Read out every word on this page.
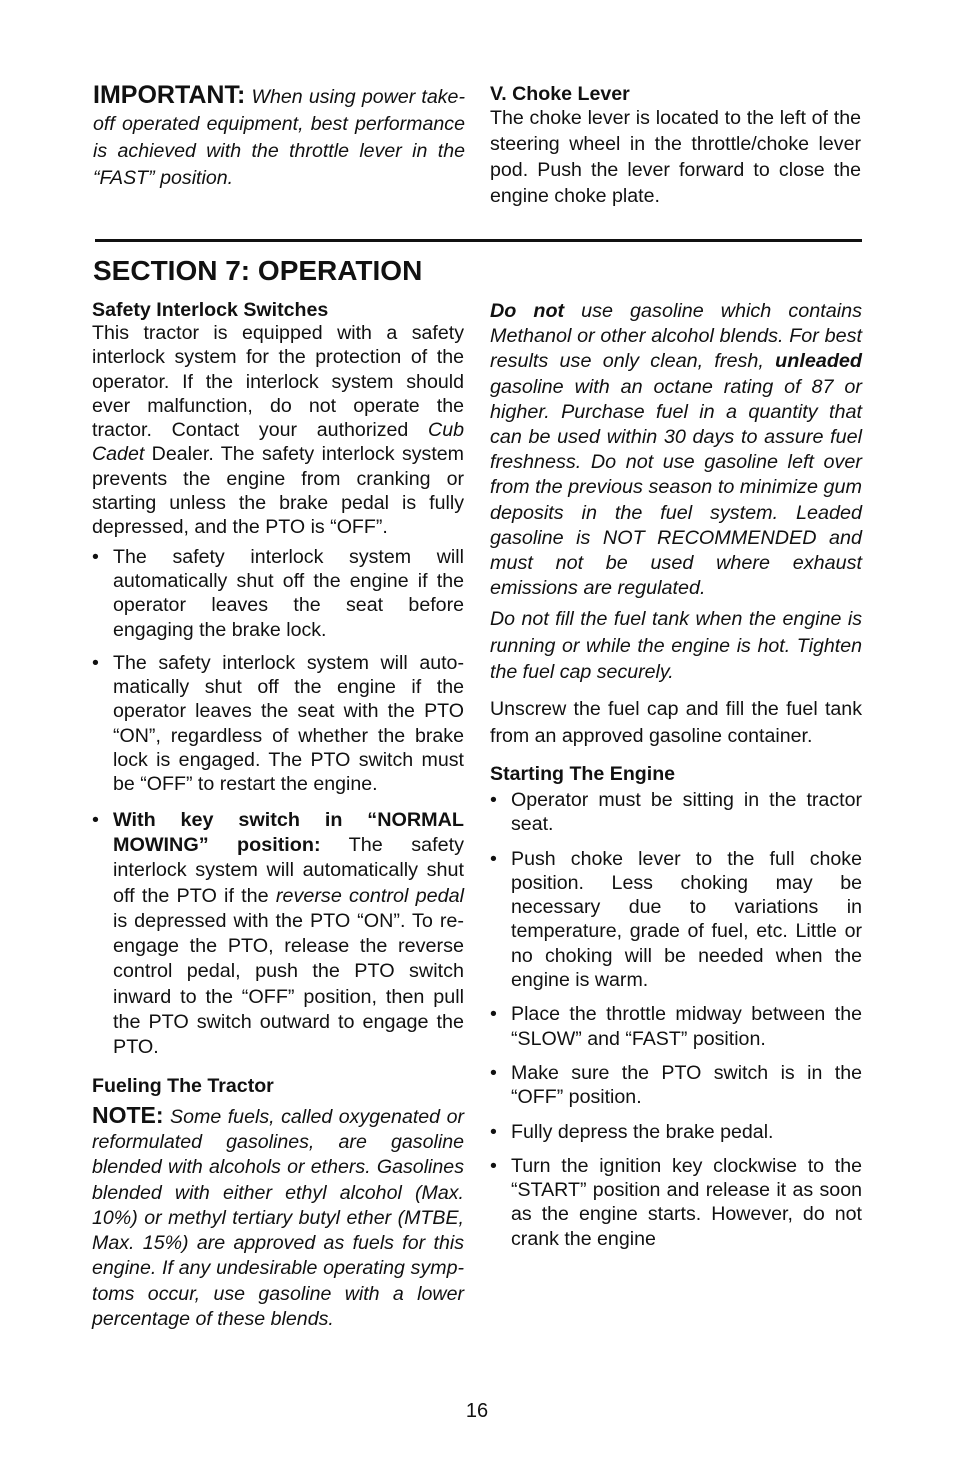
IMPORTANT: When using power take-off operated equipment, best performance is achieved with the throttle lever in the “FAST” position.

V. Choke Lever

The choke lever is located to the left of the steering wheel in the throttle/choke lever pod. Push the lever forward to close the engine choke plate.

SECTION 7: OPERATION

Safety Interlock Switches

This tractor is equipped with a safety interlock system for the protection of the operator. If the interlock system should ever malfunction, do not operate the tractor. Contact your authorized Cub Cadet Dealer. The safety interlock system prevents the engine from cranking or starting unless the brake pedal is fully depressed, and the PTO is “OFF”.

• The safety interlock system will automatically shut off the engine if the operator leaves the seat before engaging the brake lock.
• The safety interlock system will automatically shut off the engine if the operator leaves the seat with the PTO “ON”, regardless of whether the brake lock is engaged. The PTO switch must be “OFF” to restart the engine.
• With key switch in “NORMAL MOWING” position: The safety interlock system will automatically shut off the PTO if the reverse control pedal is depressed with the PTO “ON”. To re-engage the PTO, release the reverse control pedal, push the PTO switch inward to the “OFF” position, then pull the PTO switch outward to engage the PTO.

Fueling The Tractor

NOTE: Some fuels, called oxygenated or reformulated gasolines, are gasoline blended with alcohols or ethers. Gasolines blended with either ethyl alcohol (Max. 10%) or methyl tertiary butyl ether (MTBE, Max. 15%) are approved as fuels for this engine. If any undesirable operating symptoms occur, use gasoline with a lower percentage of these blends.

Do not use gasoline which contains Methanol or other alcohol blends. For best results use only clean, fresh, unleaded gasoline with an octane rating of 87 or higher. Purchase fuel in a quantity that can be used within 30 days to assure fuel freshness. Do not use gasoline left over from the previous season to minimize gum deposits in the fuel system. Leaded gasoline is NOT RECOMMENDED and must not be used where exhaust emissions are regulated.

Do not fill the fuel tank when the engine is running or while the engine is hot. Tighten the fuel cap securely.

Unscrew the fuel cap and fill the fuel tank from an approved gasoline container.

Starting The Engine

• Operator must be sitting in the tractor seat.
• Push choke lever to the full choke position. Less choking may be necessary due to variations in temperature, grade of fuel, etc. Little or no choking will be needed when the engine is warm.
• Place the throttle midway between the “SLOW” and “FAST” position.
• Make sure the PTO switch is in the “OFF” position.
• Fully depress the brake pedal.
• Turn the ignition key clockwise to the “START” position and release it as soon as the engine starts. However, do not crank the engine
16
